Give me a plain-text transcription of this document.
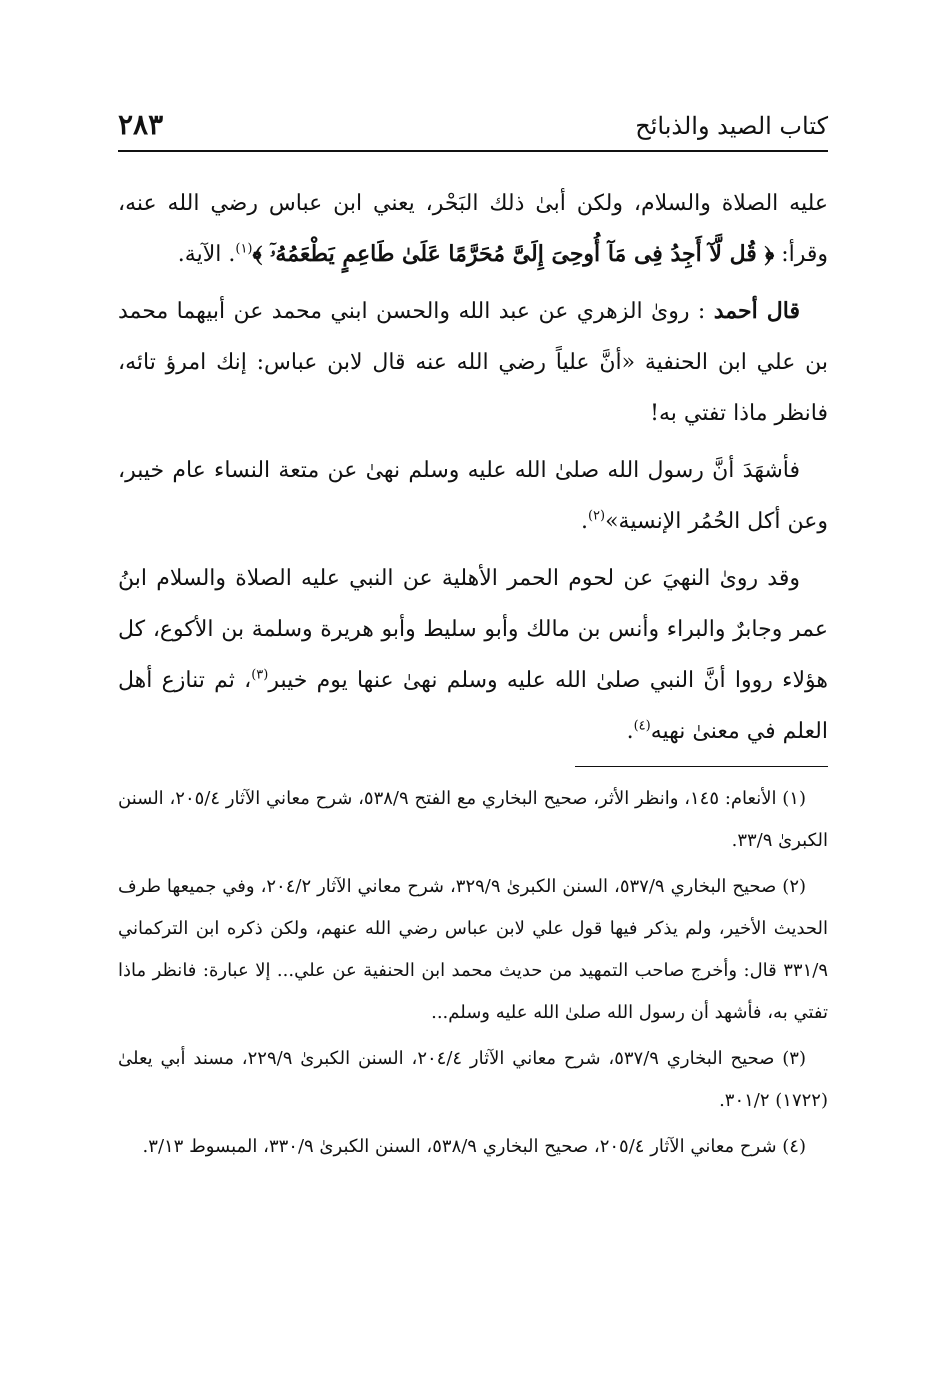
كتاب الصيد والذبائح
٢٨٣

عليه الصلاة والسلام، ولكن أبىٰ ذلك البَحْر، يعني ابن عباس رضي الله عنه، وقرأ: ﴿ قُل لَّآ أَجِدُ فِى مَآ أُوحِىَ إِلَىَّ مُحَرَّمًا عَلَىٰ طَاعِمٍ يَطْعَمُهُۥٓ ﴾$^{(١)}$. الآية.

قال أحمد : رویٰ الزهري عن عبد الله والحسن ابني محمد عن أبيهما محمد بن علي ابن الحنفية «أنَّ علياً رضي الله عنه قال لابن عباس: إنك امرؤ تائه، فانظر ماذا تفتي به!

فأشهَدَ أنَّ رسول الله صلىٰ الله عليه وسلم نهىٰ عن متعة النساء عام خيبر، وعن أكل الحُمُر الإنسية»$^{(٢)}$.

وقد رویٰ النهيَ عن لحوم الحمر الأهلية عن النبي عليه الصلاة والسلام ابنُ عمر وجابرٌ والبراء وأنس بن مالك وأبو سليط وأبو هريرة وسلمة بن الأكوع، كل هؤلاء رووا أنَّ النبي صلىٰ الله عليه وسلم نهىٰ عنها يوم خيبر$^{(٣)}$، ثم تنازع أهل العلم في معنىٰ نهيه$^{(٤)}$.

(١) الأنعام: ١٤٥، وانظر الأثر، صحيح البخاري مع الفتح ٥٣٨/٩، شرح معاني الآثار ٢٠٥/٤، السنن الكبرىٰ ٣٣/٩.

(٢) صحيح البخاري ٥٣٧/٩، السنن الكبرىٰ ٣٢٩/٩، شرح معاني الآثار ٢٠٤/٢، وفي جميعها طرف الحديث الأخير، ولم يذكر فيها قول علي لابن عباس رضي الله عنهم، ولكن ذكره ابن التركماني ٣٣١/٩ قال: وأخرج صاحب التمهيد من حديث محمد ابن الحنفية عن علي... إلا عبارة: فانظر ماذا تفتي به، فأشهد أن رسول الله صلىٰ الله عليه وسلم...

(٣) صحيح البخاري ٥٣٧/٩، شرح معاني الآثار ٢٠٤/٤، السنن الكبرىٰ ٢٢٩/٩، مسند أبي يعلىٰ (١٧٢٢) ٣٠١/٢.

(٤) شرح معاني الآثار ٢٠٥/٤، صحيح البخاري ٥٣٨/٩، السنن الكبرىٰ ٣٣٠/٩، المبسوط ٣/١٣.
